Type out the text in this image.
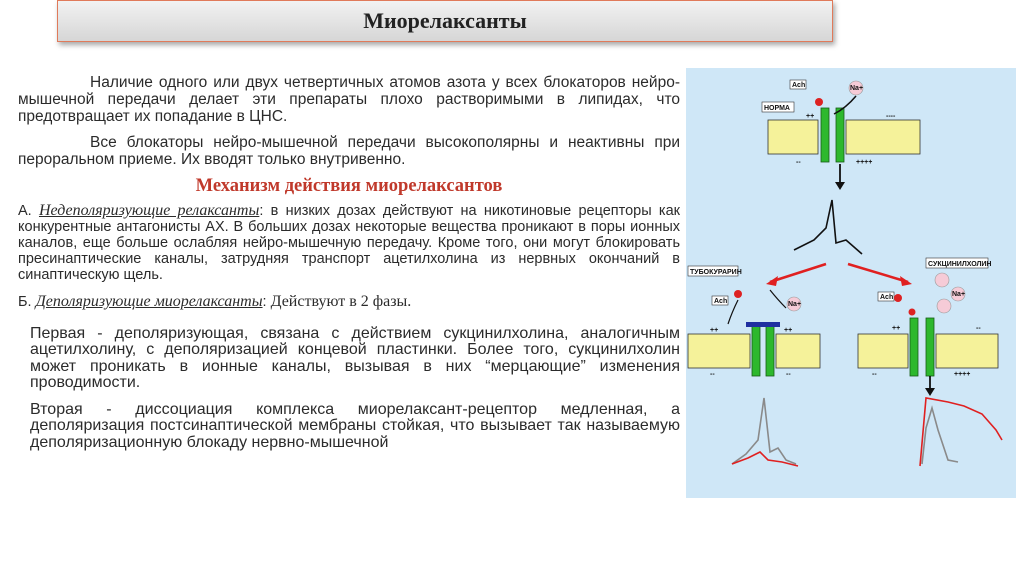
Миорелаксанты

Наличие одного или двух четвертичных атомов азота у всех блокаторов нейро-мышечной передачи делает эти препараты плохо растворимыми в липидах, что предотвращает их попадание в ЦНС.

Все блокаторы нейро-мышечной передачи высокополярны и неактивны при пероральном приеме. Их вводят только внутривенно.

Механизм действия миорелаксантов

А. Недеполяризующие релаксанты: в низких дозах действуют на никотиновые рецепторы как конкурентные антагонисты АХ. В больших дозах некоторые вещества проникают в поры ионных каналов, еще больше ослабляя нейро-мышечную передачу. Кроме того, они могут блокировать пресинаптические каналы, затрудняя транспорт ацетилхолина из нервных окончаний в синаптическую щель.

Б. Деполяризующие миорелаксанты: Действуют в 2 фазы.

Первая - деполяризующая, связана с действием сукцинилхолина, аналогичным ацетилхолину, с деполяризацией концевой пластинки. Более того, сукцинилхолин может проникать в ионные каналы, вызывая в них “мерцающие” изменения проводимости.

Вторая - диссоциация комплекса миорелаксант-рецептор медленная, а деполяризация постсинаптической мембраны стойкая, что вызывает так называемую деполяризационную блокаду нервно-мышечной

НОРМА
Ach	Na+
++	----
--	++++
ТУБОКУРАРИН
Ach	Na+
++	++
--	--
СУКЦИНИЛХОЛИН
Ach	Na+
++	--
--	++++
